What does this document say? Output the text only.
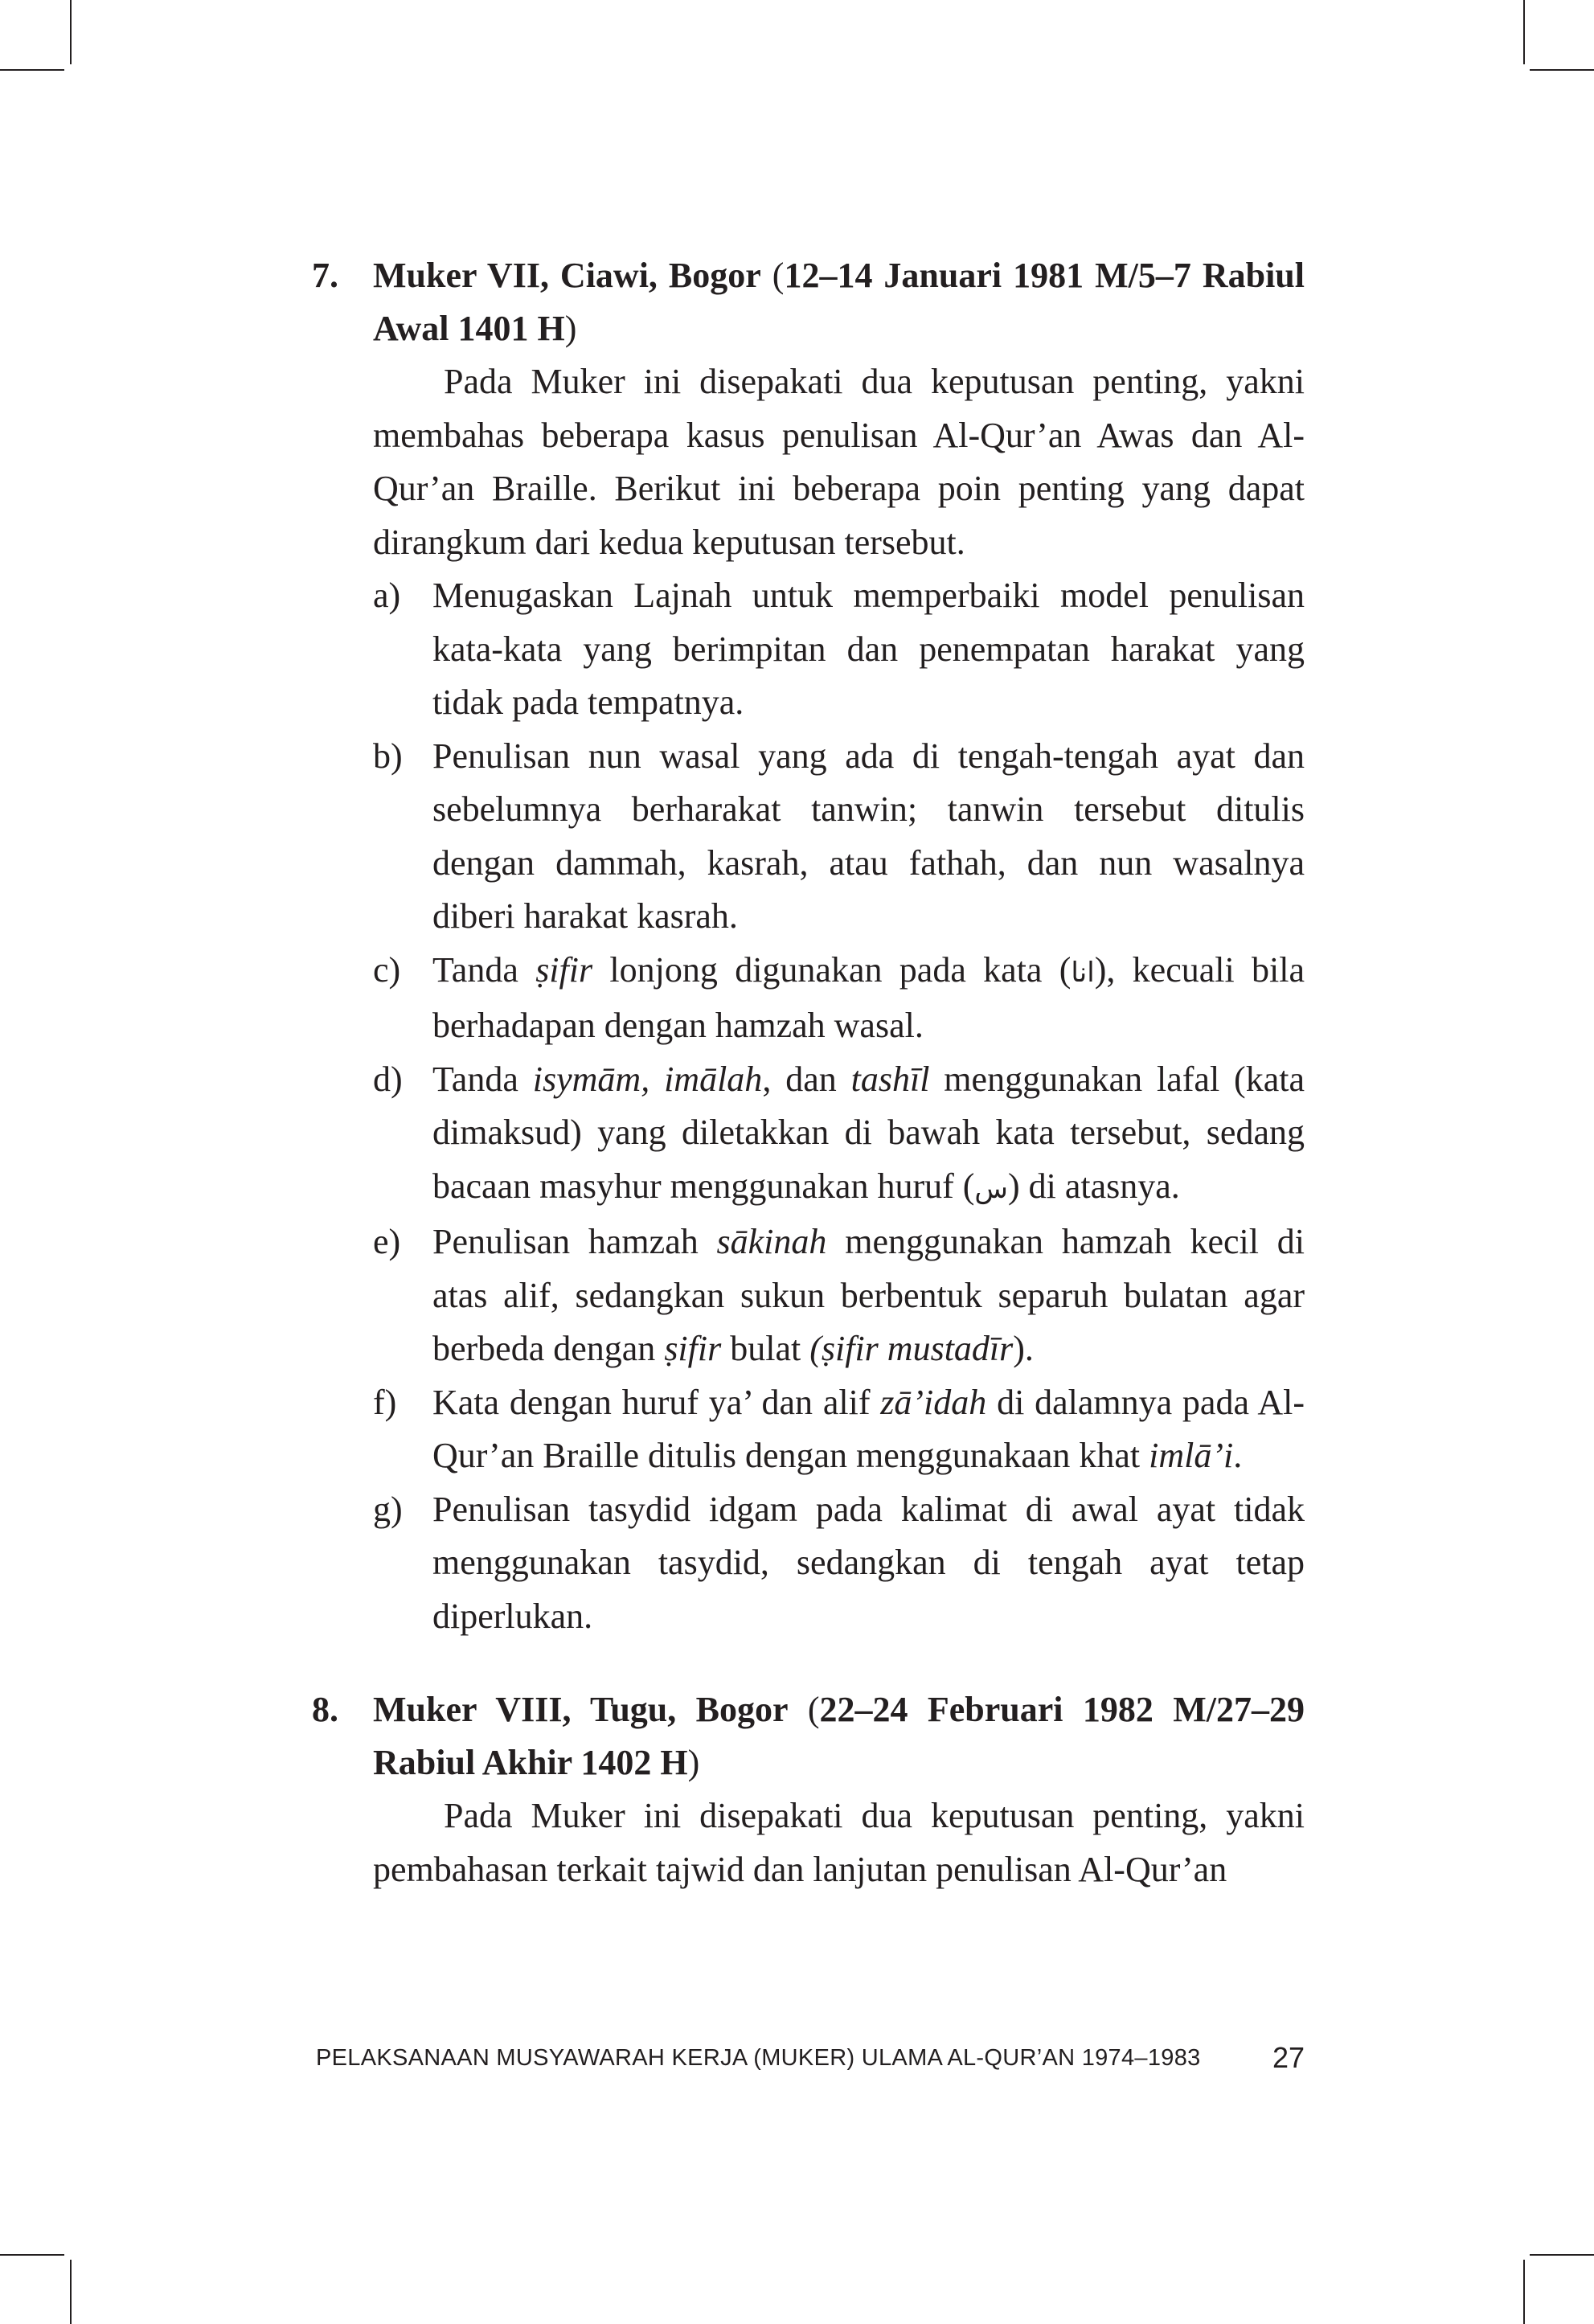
7. Muker VII, Ciawi, Bogor (12–14 Januari 1981 M/5–7 Rabiul Awal 1401 H)

Pada Muker ini disepakati dua keputusan penting, yakni membahas beberapa kasus penulisan Al-Qur’an Awas dan Al-Qur’an Braille. Berikut ini beberapa poin penting yang dapat dirangkum dari kedua keputusan tersebut.

a) Menugaskan Lajnah untuk memperbaiki model penulisan kata-kata yang berimpitan dan penempatan harakat yang tidak pada tempatnya.
b) Penulisan nun wasal yang ada di tengah-tengah ayat dan sebelumnya berharakat tanwin; tanwin tersebut ditulis dengan dammah, kasrah, atau fathah, dan nun wasalnya diberi harakat kasrah.
c) Tanda ṣifir lonjong digunakan pada kata (انا), kecuali bila berhadapan dengan hamzah wasal.
d) Tanda isymām, imālah, dan tashīl menggunakan lafal (kata dimaksud) yang diletakkan di bawah kata tersebut, sedang bacaan masyhur menggunakan huruf (س) di atasnya.
e) Penulisan hamzah sākinah menggunakan hamzah kecil di atas alif, sedangkan sukun berbentuk separuh bulatan agar berbeda dengan ṣifir bulat (ṣifir mustadīr).
f) Kata dengan huruf ya’ dan alif zā’idah di dalamnya pada Al-Qur’an Braille ditulis dengan menggunakaan khat imlā’i.
g) Penulisan tasydid idgam pada kalimat di awal ayat tidak menggunakan tasydid, sedangkan di tengah ayat tetap diperlukan.
8. Muker VIII, Tugu, Bogor (22–24 Februari 1982 M/27–29 Rabiul Akhir 1402 H)

Pada Muker ini disepakati dua keputusan penting, yakni pembahasan terkait tajwid dan lanjutan penulisan Al-Qur’an

PELAKSANAAN MUSYAWARAH KERJA (MUKER) ULAMA AL-QUR’AN 1974–1983 27
